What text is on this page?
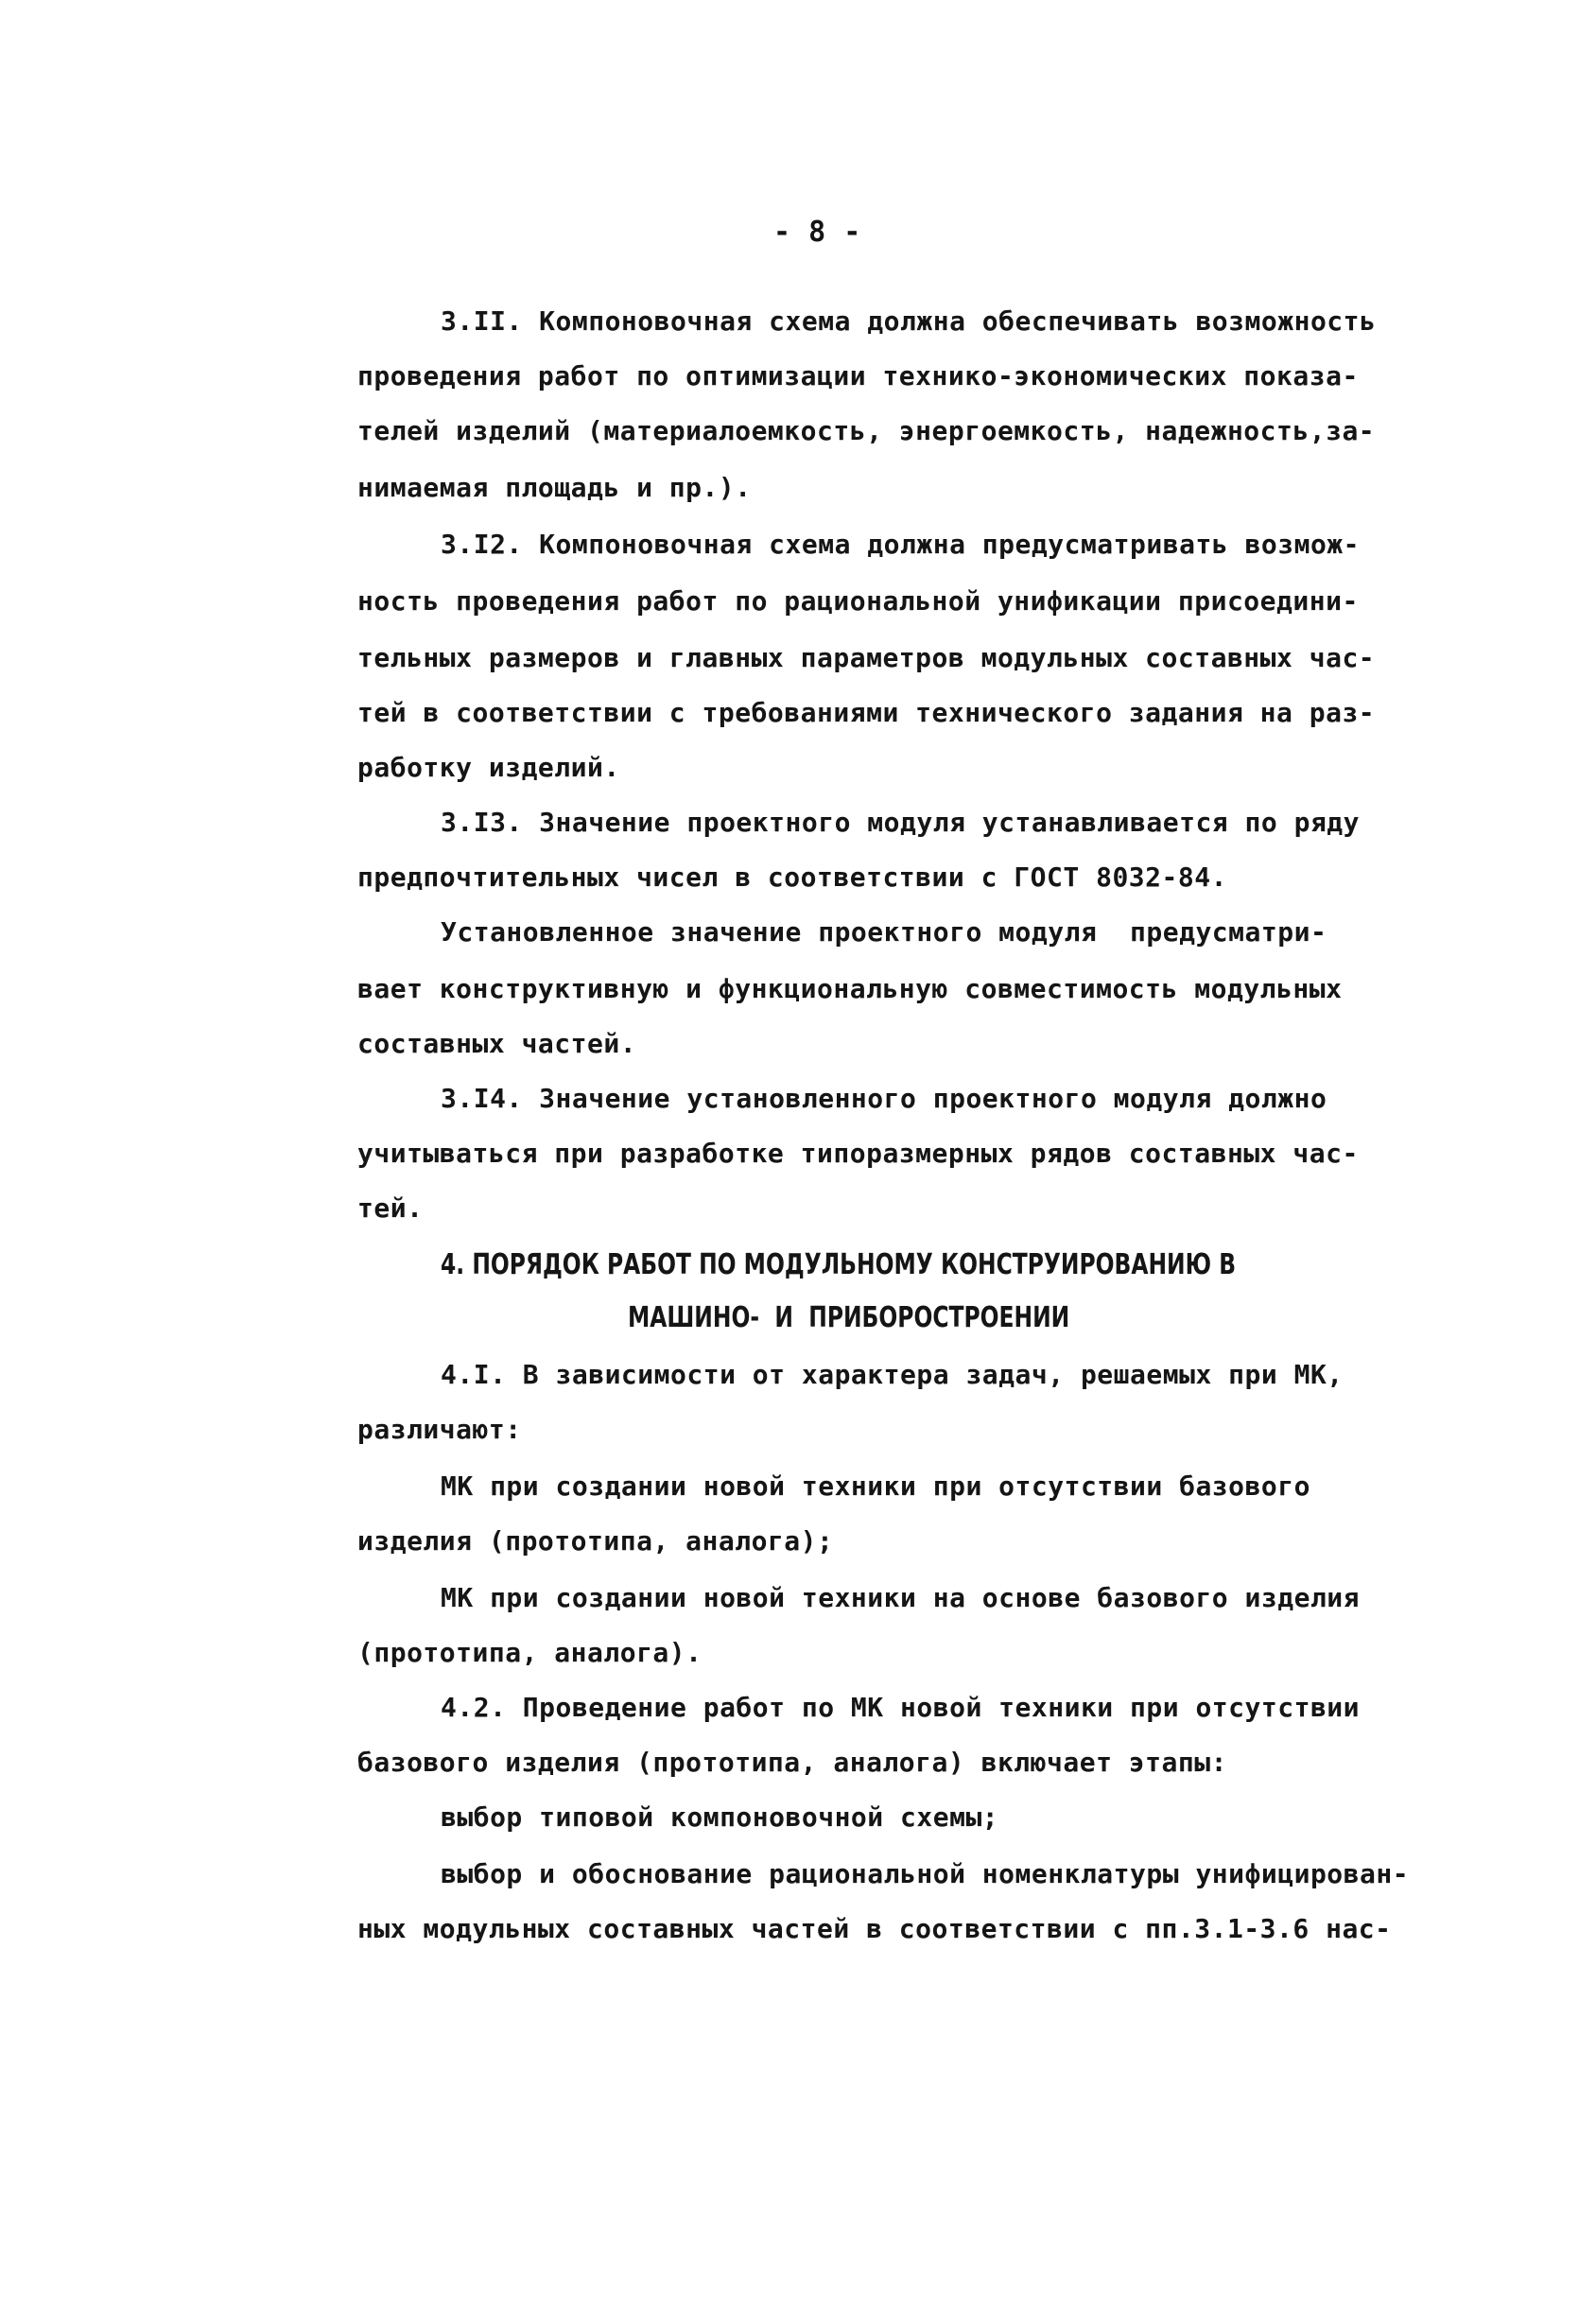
- 8 -
3.II. Компоновочная схема должна обеспечивать возможность
проведения работ по оптимизации технико-экономических показа-
телей изделий (материалоемкость, энергоемкость, надежность,за-
нимаемая площадь и пр.).
3.I2. Компоновочная схема должна предусматривать возмож-
ность проведения работ по рациональной унификации присоедини-
тельных размеров и главных параметров модульных составных час-
тей в соответствии с требованиями технического задания на раз-
работку изделий.
3.I3. Значение проектного модуля устанавливается по ряду
предпочтительных чисел в соответствии с ГОСТ 8032-84.
Установленное значение проектного модуля  предусматри-
вает конструктивную и функциональную совместимость модульных
составных частей.
3.I4. Значение установленного проектного модуля должно
учитываться при разработке типоразмерных рядов составных час-
тей.
4. ПОРЯДОК РАБОТ ПО МОДУЛЬНОМУ КОНСТРУИРОВАНИЮ В
МАШИНО-  И  ПРИБОРОСТРОЕНИИ
4.I. В зависимости от характера задач, решаемых при МК,
различают:
МК при создании новой техники при отсутствии базового
изделия (прототипа, аналога);
МК при создании новой техники на основе базового изделия
(прототипа, аналога).
4.2. Проведение работ по МК новой техники при отсутствии
базового изделия (прототипа, аналога) включает этапы:
выбор типовой компоновочной схемы;
выбор и обоснование рациональной номенклатуры унифицирован-
ных модульных составных частей в соответствии с пп.3.1-3.6 нас-
